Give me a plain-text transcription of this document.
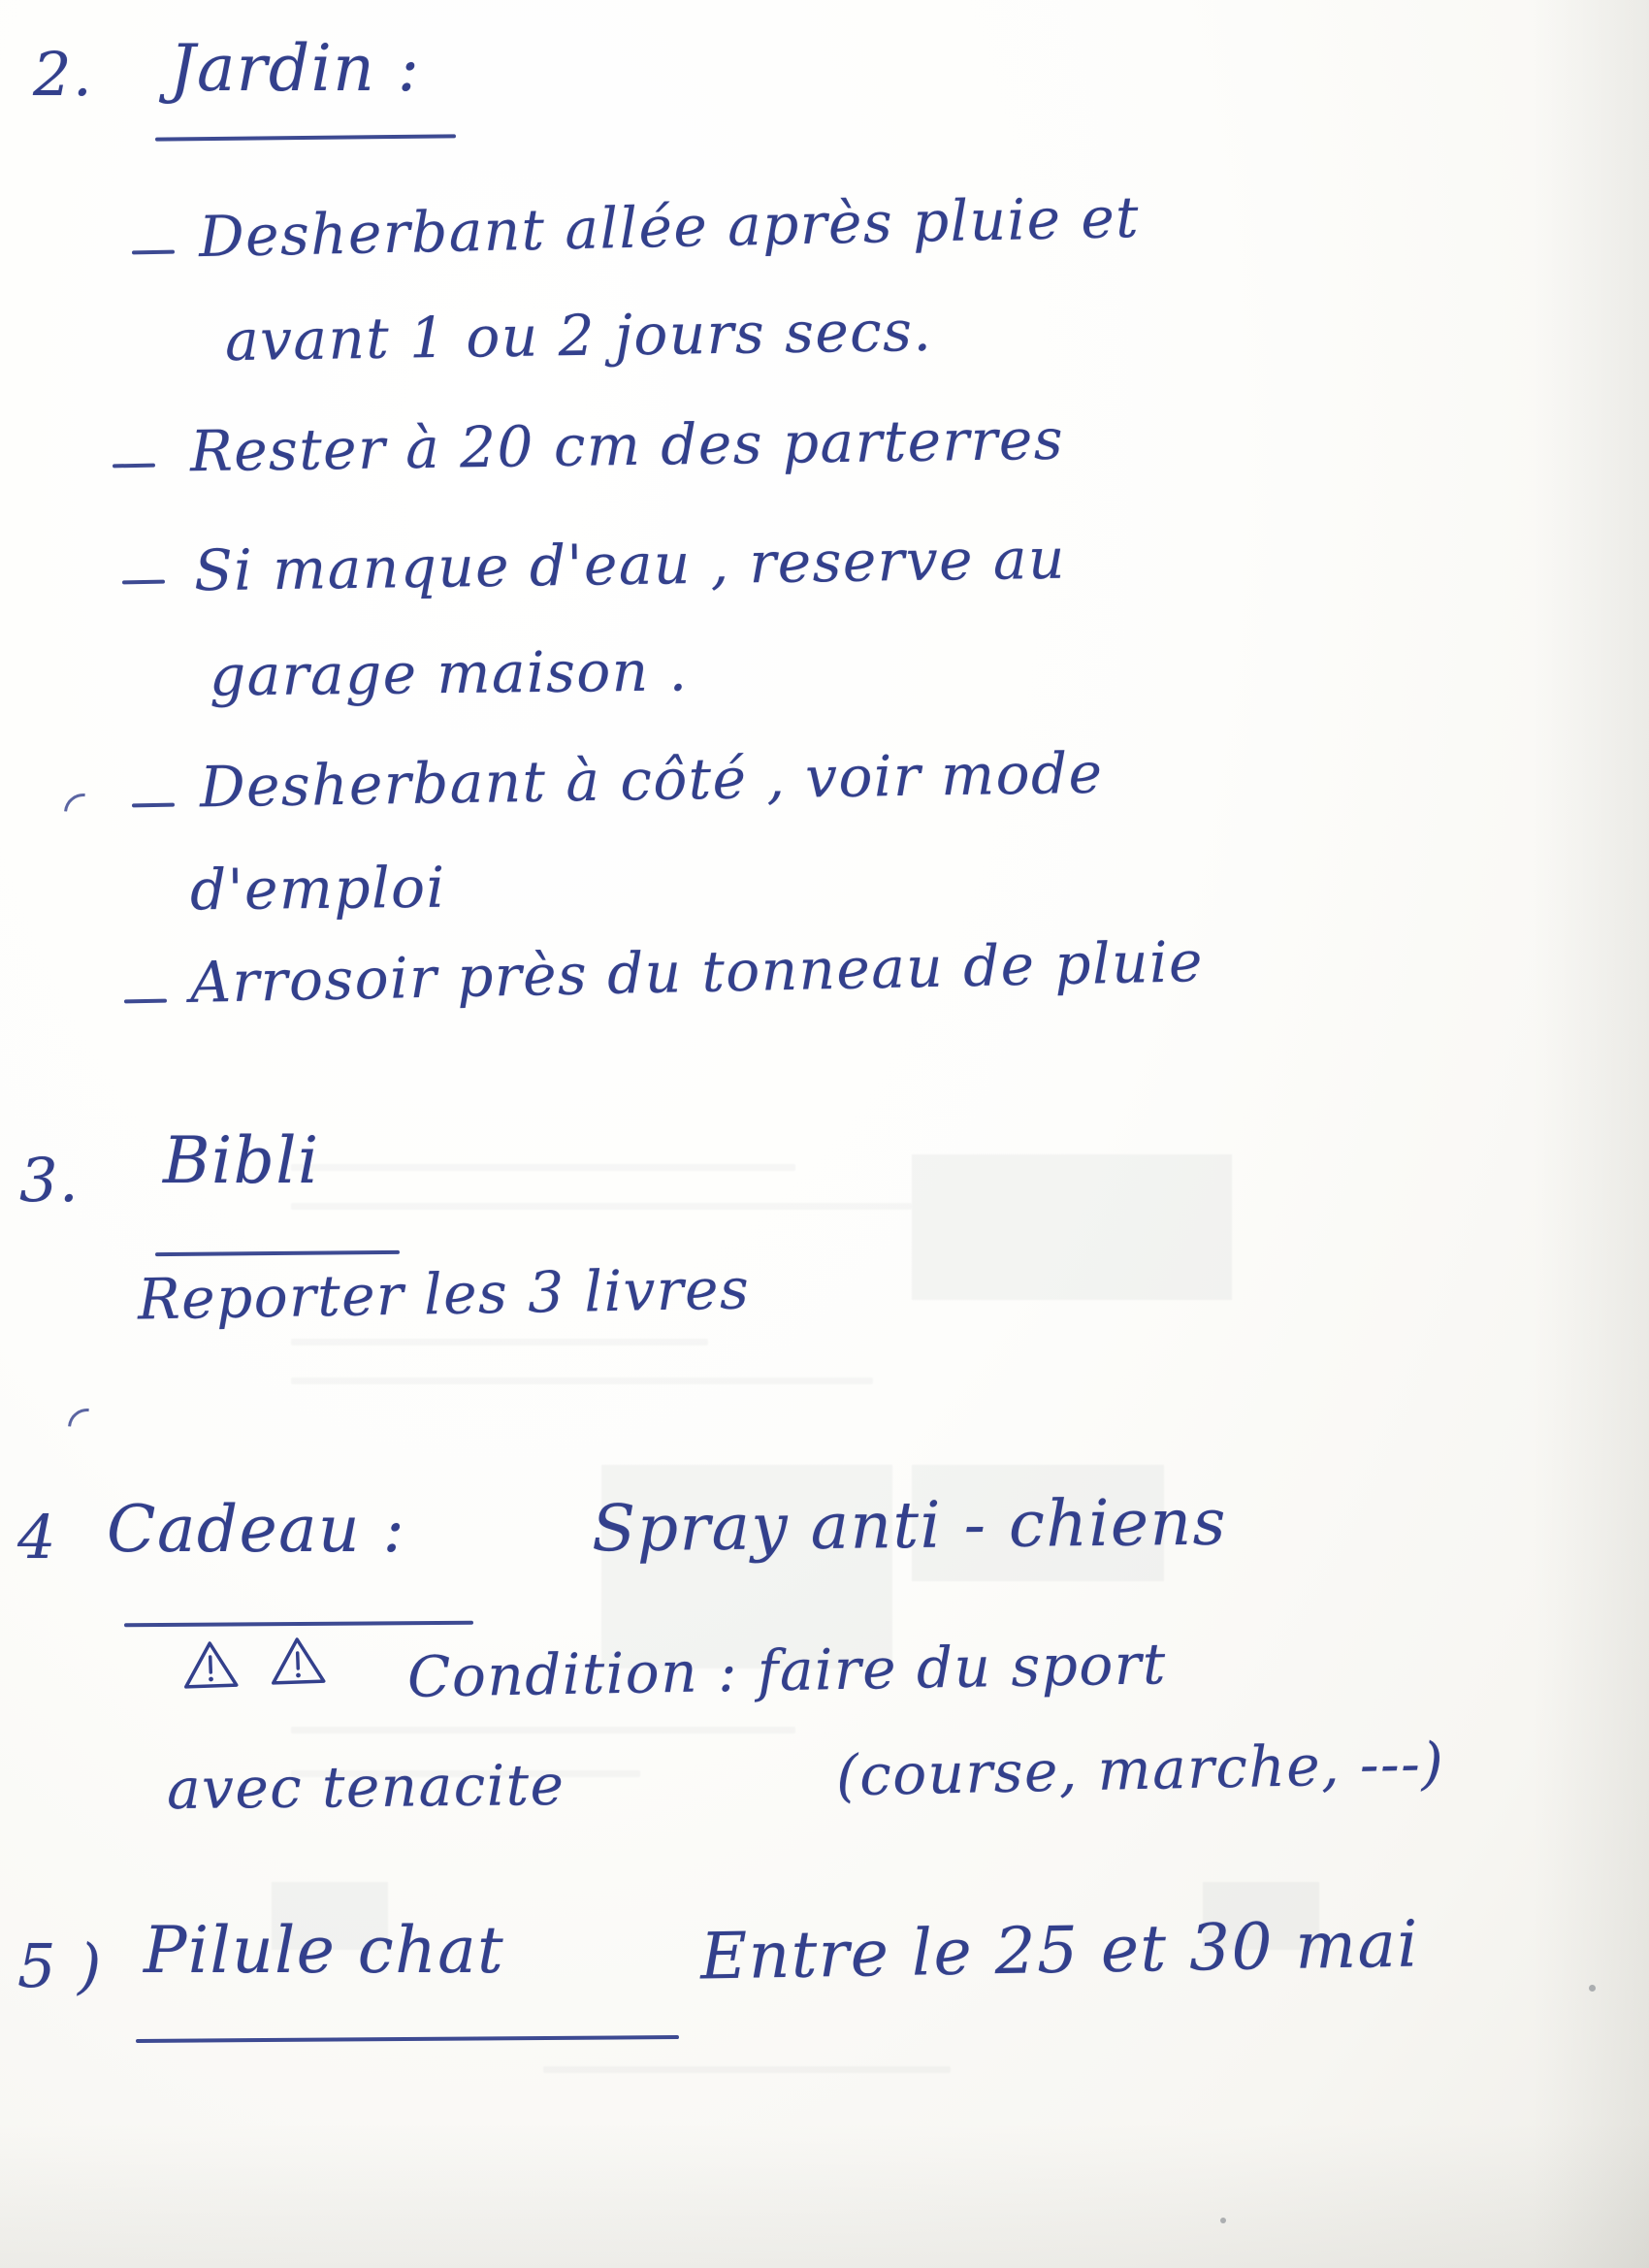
2. Jardin :
Desherbant allée après pluie et
avant 1 ou 2 jours secs.
Rester à 20 cm des parterres
Si manque d'eau , reserve au
garage maison .
Desherbant à côté , voir mode
d'emploi
Arrosoir près du tonneau de pluie
3. Bibli
Reporter les 3 livres
4 Cadeau :	Spray anti - chiens
Condition : faire du sport
avec tenacite	(course, marche, ---)
5 ) Pilule chat	Entre le 25 et 30 mai
